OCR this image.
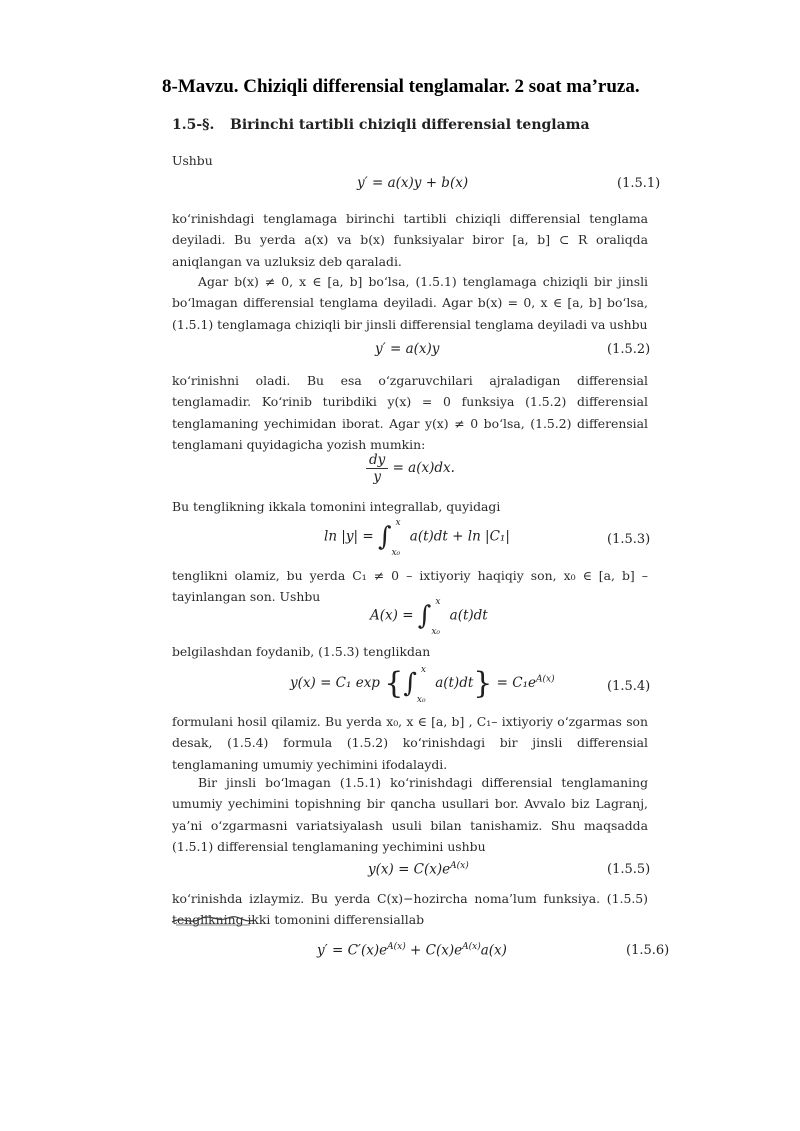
8-Mavzu. Chiziqli differensial tenglamalar. 2 soat ma’ruza.
1.5-§. Birinchi tartibli chiziqli differensial tenglama

Ushbu

y′ = a(x)y + b(x)	(1.5.1)

ko‘rinishdagi tenglamaga birinchi tartibli chiziqli differensial tenglama deyiladi. Bu yerda a(x) va b(x) funksiyalar biror [a, b] ⊂ R oraliqda aniqlangan va uzluksiz deb qaraladi.

Agar b(x) ≠ 0, x ∈ [a, b] bo‘lsa, (1.5.1) tenglamaga chiziqli bir jinsli bo‘lmagan differensial tenglama deyiladi. Agar b(x) = 0, x ∈ [a, b] bo‘lsa, (1.5.1) tenglamaga chiziqli bir jinsli differensial tenglama deyiladi va ushbu

y′ = a(x)y	(1.5.2)

ko‘rinishni oladi. Bu esa o‘zgaruvchilari ajraladigan differensial tenglamadir. Ko‘rinib turibdiki y(x) = 0 funksiya (1.5.2) differensial tenglamaning yechimidan iborat. Agar y(x) ≠ 0 bo‘lsa, (1.5.2) differensial tenglamani quyidagicha yozish mumkin:

$\frac{dy}{y} = a(x)dx$.

Bu tenglikning ikkala tomonini integrallab, quyidagi

ln |y| = ∫ x
x₀
a(t)dt + ln |C₁|	(1.5.3)

tenglikni olamiz, bu yerda C₁ ≠ 0 – ixtiyoriy haqiqiy son, x₀ ∈ [a, b] – tayinlangan son. Ushbu

A(x) = ∫ x
x₀
a(t)dt

belgilashdan foydanib, (1.5.3) tenglikdan

y(x) = C₁ exp {∫ x
x₀
$a(t)dt\} = C_1e^{A(x)}$	(1.5.4)

formulani hosil qilamiz. Bu yerda x₀, x ∈ [a, b] , C₁– ixtiyoriy o‘zgarmas son desak, (1.5.4) formula (1.5.2) ko‘rinishdagi bir jinsli differensial tenglamaning umumiy yechimini ifodalaydi.

Bir jinsli bo‘lmagan (1.5.1) ko‘rinishdagi differensial tenglamaning umumiy yechimini topishning bir qancha usullari bor. Avvalo biz Lagranj, ya’ni o‘zgarmasni variatsiyalash usuli bilan tanishamiz. Shu maqsadda (1.5.1) differensial tenglamaning yechimini ushbu

$y(x) = C(x)e^{A(x)}$	(1.5.5)

ko‘rinishda izlaymiz. Bu yerda C(x)−hozircha noma’lum funksiya. (1.5.5) tenglikning ikki tomonini differensiallab

$y' = C'(x)e^{A(x)} + C(x)e^{A(x)}a(x)$	(1.5.6)
